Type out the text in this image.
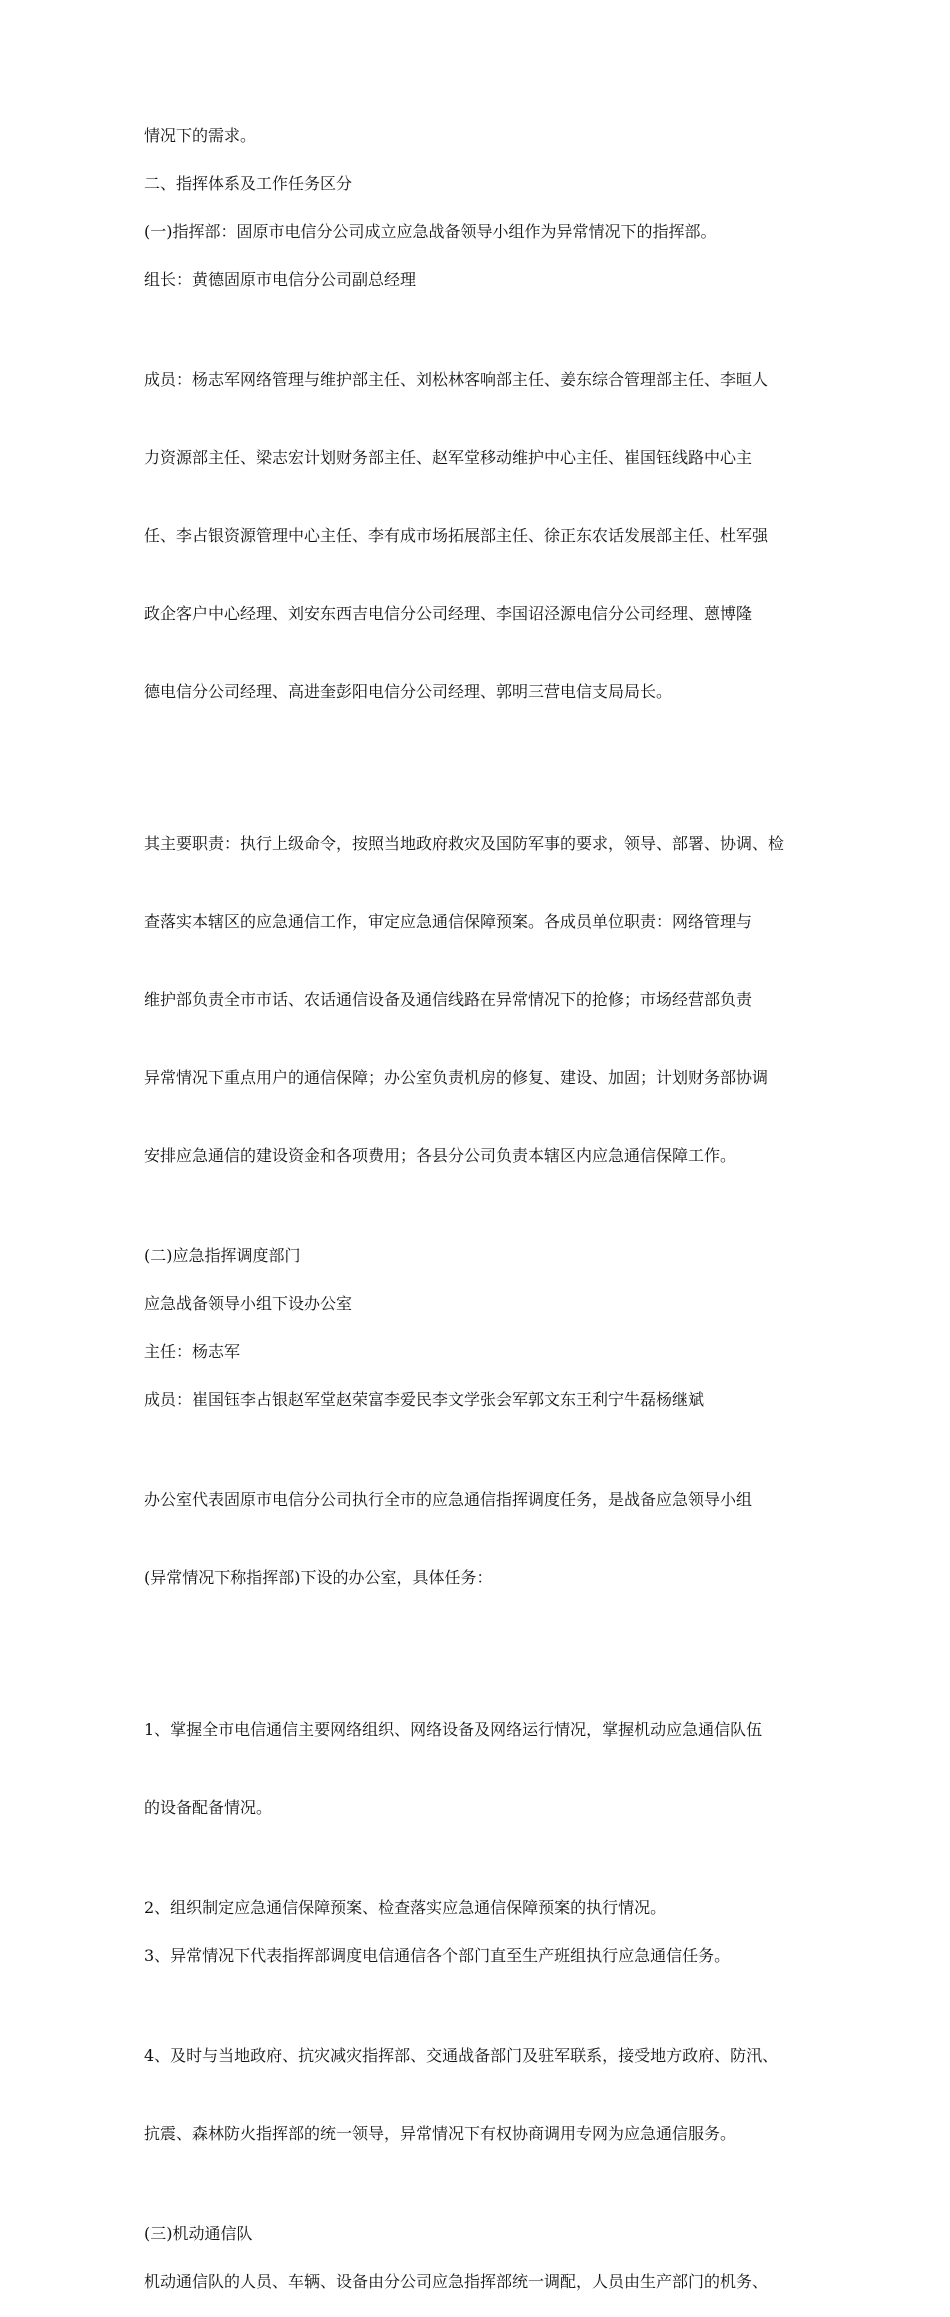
情况下的需求。

二、指挥体系及工作任务区分

(一)指挥部：固原市电信分公司成立应急战备领导小组作为异常情况下的指挥部。

组长：黄德固原市电信分公司副总经理

成员：杨志军网络管理与维护部主任、刘松林客响部主任、姜东综合管理部主任、李晅人

力资源部主任、梁志宏计划财务部主任、赵军堂移动维护中心主任、崔国钰线路中心主

任、李占银资源管理中心主任、李有成市场拓展部主任、徐正东农话发展部主任、杜军强

政企客户中心经理、刘安东西吉电信分公司经理、李国诏泾源电信分公司经理、蒽博隆

德电信分公司经理、高进奎彭阳电信分公司经理、郭明三营电信支局局长。

其主要职责：执行上级命令，按照当地政府救灾及国防军事的要求，领导、部署、协调、检

查落实本辖区的应急通信工作，审定应急通信保障预案。各成员单位职责：网络管理与

维护部负责全市市话、农话通信设备及通信线路在异常情况下的抢修；市场经营部负责

异常情况下重点用户的通信保障；办公室负责机房的修复、建设、加固；计划财务部协调

安排应急通信的建设资金和各项费用；各县分公司负责本辖区内应急通信保障工作。

(二)应急指挥调度部门

应急战备领导小组下设办公室

主任：杨志军

成员：崔国钰李占银赵军堂赵荣富李爱民李文学张会军郭文东王利宁牛磊杨继斌

办公室代表固原市电信分公司执行全市的应急通信指挥调度任务，是战备应急领导小组

(异常情况下称指挥部)下设的办公室，具体任务：

1、掌握全市电信通信主要网络组织、网络设备及网络运行情况，掌握机动应急通信队伍

的设备配备情况。

2、组织制定应急通信保障预案、检查落实应急通信保障预案的执行情况。

3、异常情况下代表指挥部调度电信通信各个部门直至生产班组执行应急通信任务。

4、及时与当地政府、抗灾减灾指挥部、交通战备部门及驻军联系，接受地方政府、防汛、

抗震、森林防火指挥部的统一领导，异常情况下有权协商调用专网为应急通信服务。

(三)机动通信队

机动通信队的人员、车辆、设备由分公司应急指挥部统一调配，人员由生产部门的机务、
